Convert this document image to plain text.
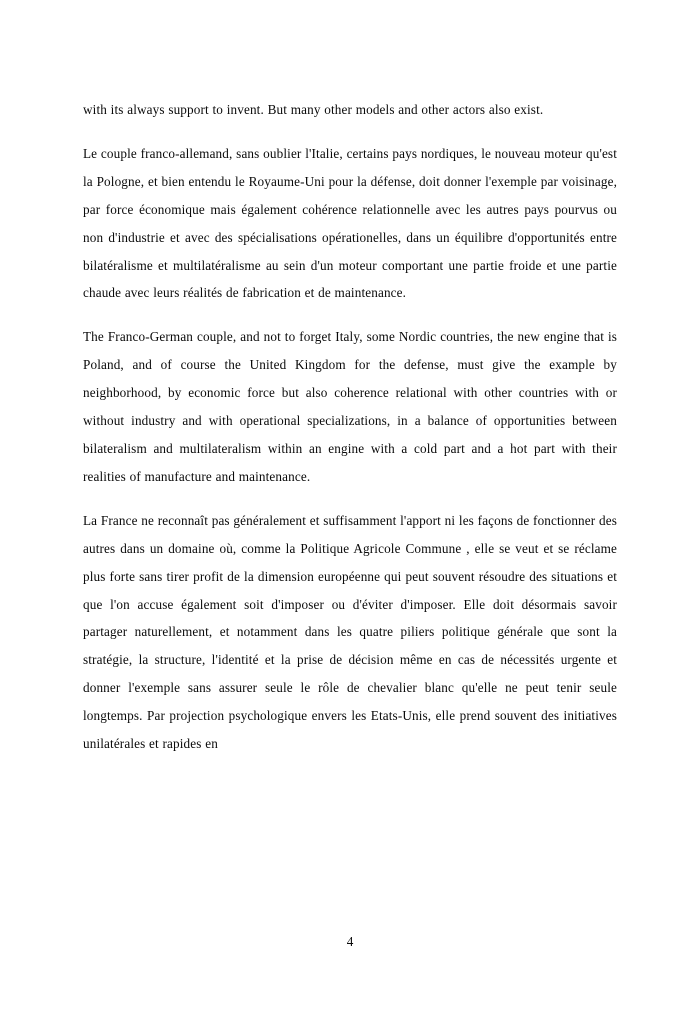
with its always support to invent. But many other models and other actors also exist.

Le couple franco-allemand, sans oublier l'Italie, certains pays nordiques, le nouveau moteur qu'est la Pologne, et bien entendu le Royaume-Uni pour la défense, doit donner l'exemple par voisinage, par force économique mais également cohérence relationnelle avec les autres pays pourvus ou non d'industrie et avec des spécialisations opérationelles, dans un équilibre d'opportunités entre bilatéralisme et multilatéralisme au sein d'un moteur comportant une partie froide et une partie chaude avec leurs réalités de fabrication et de maintenance.

The Franco-German couple, and not to forget Italy, some Nordic countries, the new engine that is Poland, and of course the United Kingdom for the defense, must give the example by neighborhood, by economic force but also coherence relational with other countries with or without industry and with operational specializations, in a balance of opportunities between bilateralism and multilateralism within an engine with a cold part and a hot part with their realities of manufacture and maintenance.

La France ne reconnaît pas généralement et suffisamment l'apport ni les façons de fonctionner des autres dans un domaine où, comme la Politique Agricole Commune , elle se veut et se réclame plus forte sans tirer profit de la dimension européenne qui peut souvent résoudre des situations et que l'on accuse également soit d'imposer ou d'éviter d'imposer. Elle doit désormais savoir partager naturellement, et notamment dans les quatre piliers politique générale que sont la stratégie, la structure, l'identité et la prise de décision même en cas de nécessités urgente et donner l'exemple sans assurer seule le rôle de chevalier blanc qu'elle ne peut tenir seule longtemps. Par projection psychologique envers les Etats-Unis, elle prend souvent des initiatives unilatérales et rapides en

4
